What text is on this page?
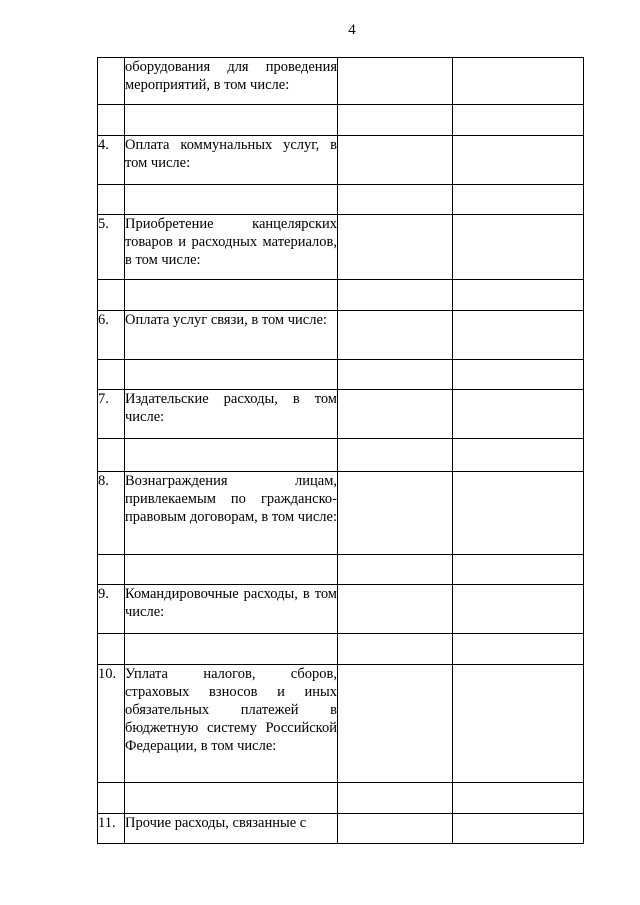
4
	оборудования для проведения мероприятий, в том числе:		

4.	Оплата коммунальных услуг, в том числе:		

5.	Приобретение канцелярских товаров и расходных материалов, в том числе:		

6.	Оплата услуг связи, в том числе:		

7.	Издательские расходы, в том числе:		

8.	Вознаграждения лицам, привлекаемым по гражданско-правовым договорам, в том числе:		

9.	Командировочные расходы, в том числе:		

10.	Уплата налогов, сборов, страховых взносов и иных обязательных платежей в бюджетную систему Российской Федерации, в том числе:		

11.	Прочие расходы, связанные с		
